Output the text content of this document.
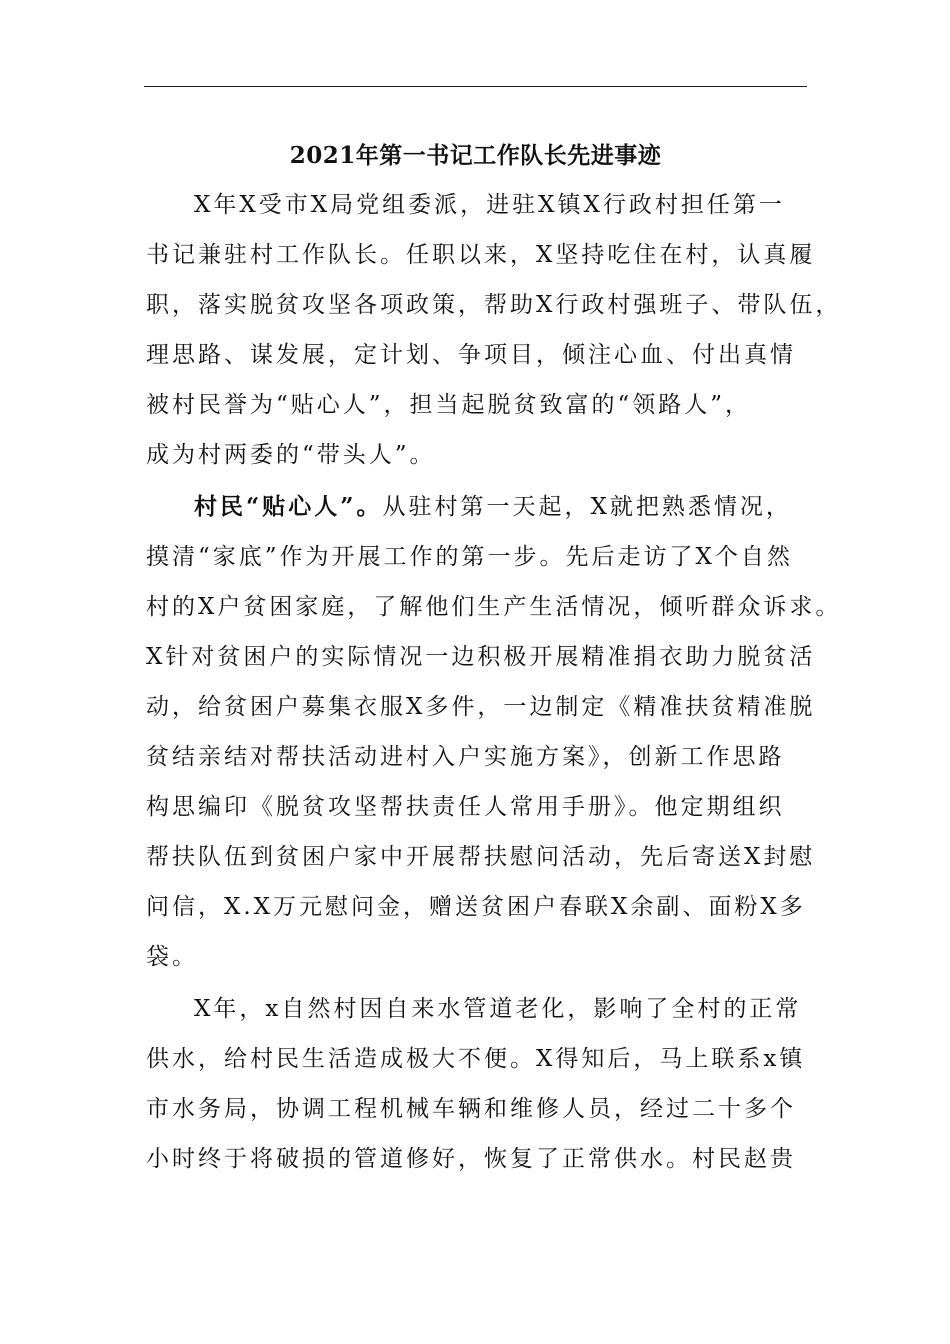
2021年第一书记工作队长先进事迹
X年X受市X局党组委派，进驻X镇X行政村担任第一
书记兼驻村工作队长。任职以来，X坚持吃住在村，认真履
职，落实脱贫攻坚各项政策，帮助X行政村强班子、带队伍，
理思路、谋发展，定计划、争项目，倾注心血、付出真情
被村民誉为“贴心人”，担当起脱贫致富的“领路人”，
成为村两委的“带头人”。
村民“贴心人”。从驻村第一天起，X就把熟悉情况，
摸清“家底”作为开展工作的第一步。先后走访了X个自然
村的X户贫困家庭，了解他们生产生活情况，倾听群众诉求。
X针对贫困户的实际情况一边积极开展精准捐衣助力脱贫活
动，给贫困户募集衣服X多件，一边制定《精准扶贫精准脱
贫结亲结对帮扶活动进村入户实施方案》，创新工作思路
构思编印《脱贫攻坚帮扶责任人常用手册》。他定期组织
帮扶队伍到贫困户家中开展帮扶慰问活动，先后寄送X封慰
问信，X.X万元慰问金，赠送贫困户春联X余副、面粉X多
袋。
X年，x自然村因自来水管道老化，影响了全村的正常
供水，给村民生活造成极大不便。X得知后，马上联系x镇
市水务局，协调工程机械车辆和维修人员，经过二十多个
小时终于将破损的管道修好，恢复了正常供水。村民赵贵
